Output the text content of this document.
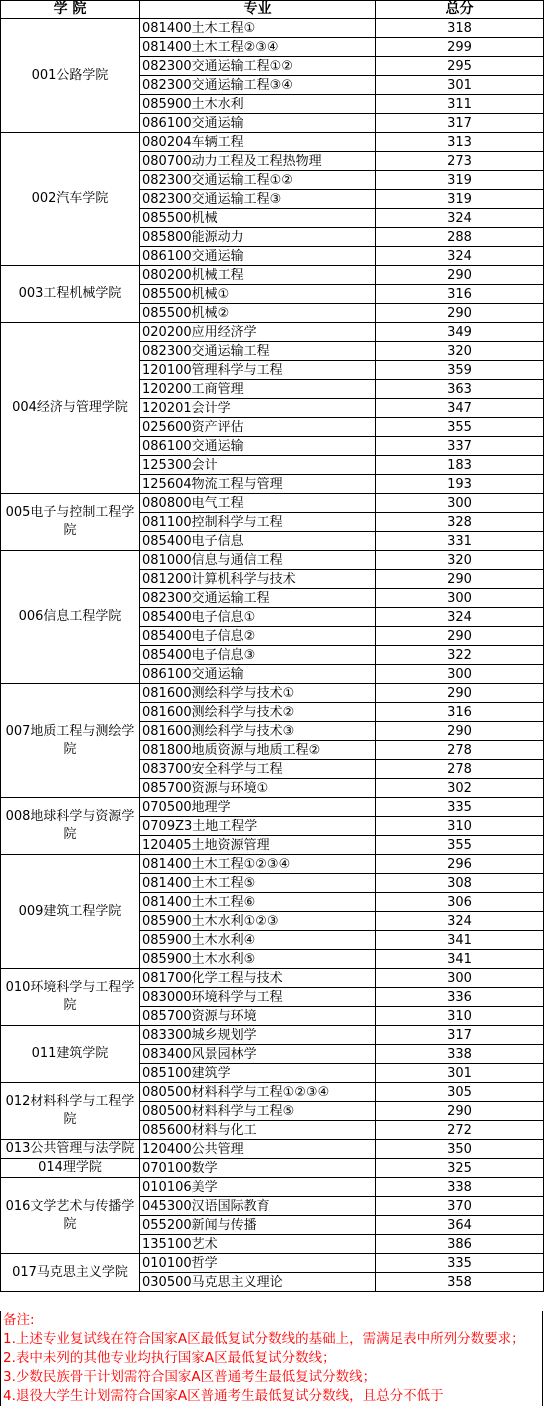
学 院	专业	总分
001公路学院	081400土木工程①	318
	081400土木工程②③④	299
	082300交通运输工程①②	295
	082300交通运输工程③④	301
	085900土木水利	311
	086100交通运输	317
002汽车学院	080204车辆工程	313
	080700动力工程及工程热物理	273
	082300交通运输工程①②	319
	082300交通运输工程③	319
	085500机械	324
	085800能源动力	288
	086100交通运输	324
003工程机械学院	080200机械工程	290
	085500机械①	316
	085500机械②	290
004经济与管理学院	020200应用经济学	349
	082300交通运输工程	320
	120100管理科学与工程	359
	120200工商管理	363
	120201会计学	347
	025600资产评估	355
	086100交通运输	337
	125300会计	183
	125604物流工程与管理	193
005电子与控制工程学院	080800电气工程	300
	081100控制科学与工程	328
	085400电子信息	331
006信息工程学院	081000信息与通信工程	320
	081200计算机科学与技术	290
	082300交通运输工程	300
	085400电子信息①	324
	085400电子信息②	290
	085400电子信息③	322
	086100交通运输	300
007地质工程与测绘学院	081600测绘科学与技术①	290
	081600测绘科学与技术②	316
	081600测绘科学与技术③	290
	081800地质资源与地质工程②	278
	083700安全科学与工程	278
	085700资源与环境①	302
008地球科学与资源学院	070500地理学	335
	0709Z3土地工程学	310
	120405土地资源管理	355
009建筑工程学院	081400土木工程①②③④	296
	081400土木工程⑤	308
	081400土木工程⑥	306
	085900土木水利①②③	324
	085900土木水利④	341
	085900土木水利⑤	341
010环境科学与工程学院	081700化学工程与技术	300
	083000环境科学与工程	336
	085700资源与环境	310
011建筑学院	083300城乡规划学	317
	083400风景园林学	338
	085100建筑学	301
012材料科学与工程学院	080500材料科学与工程①②③④	305
	080500材料科学与工程⑤	290
	085600材料与化工	272
013公共管理与法学院	120400公共管理	350
014理学院	070100数学	325
016文学艺术与传播学院	010106美学	338
	045300汉语国际教育	370
	055200新闻与传播	364
	135100艺术	386
017马克思主义学院	010100哲学	335
	030500马克思主义理论	358
备注:
1.上述专业复试线在符合国家A区最低复试分数线的基础上，需满足表中所列分数要求；
2.表中未列的其他专业均执行国家A区最低复试分数线；
3.少数民族骨干计划需符合国家A区普通考生最低复试分数线；
4.退役大学生计划需符合国家A区普通考生最低复试分数线，且总分不低于
